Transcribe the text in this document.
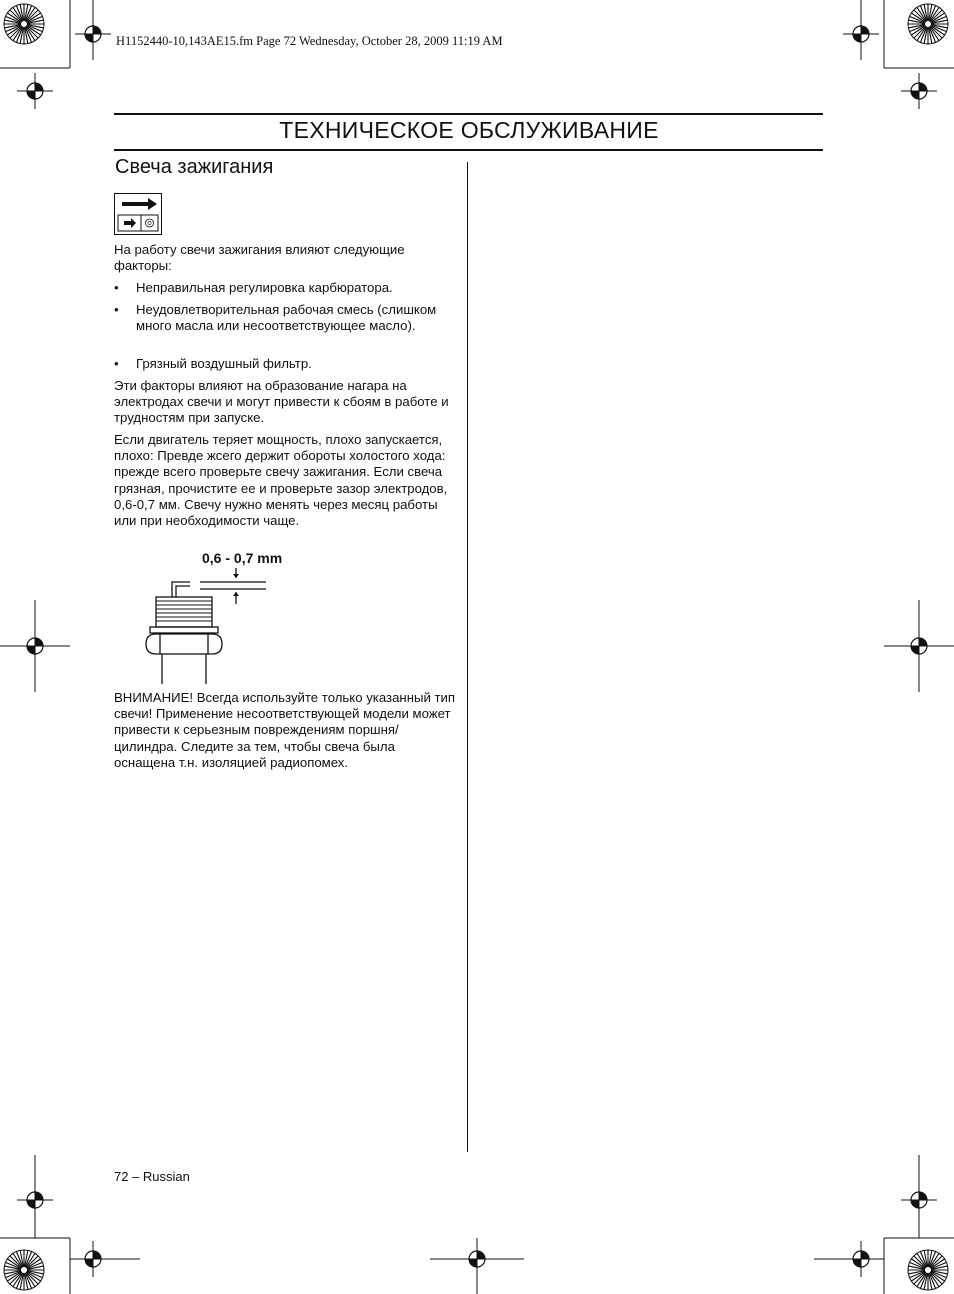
H1152440-10,143AE15.fm Page 72 Wednesday, October 28, 2009 11:19 AM
ТЕХНИЧЕСКОЕ ОБСЛУЖИВАНИЕ
Свеча зажигания
На работу свечи зажигания влияют следующие факторы:
•	Неправильная регулировка карбюратора.
•	Неудовлетворительная рабочая смесь (слишком много масла или несоответствующее масло).
•	Грязный воздушный фильтр.
Эти факторы влияют на образование нагара на электродах свечи и могут привести к сбоям в работе и трудностям при запуске.
Если двигатель теряет мощность, плохо запускается, плохо: Превде жсего держит обороты холостого хода: прежде всего проверьте свечу зажигания. Если свеча грязная, прочистите ее и проверьте зазор электродов, 0,6-0,7 мм. Свечу нужно менять через месяц работы или при необходимости чаще.
0,6 - 0,7 mm
ВНИМАНИЕ! Всегда используйте только указанный тип свечи! Применение несоответствующей модели может привести к серьезным повреждениям поршня/цилиндра. Следите за тем, чтобы свеча была оснащена т.н. изоляцией радиопомех.
72 – Russian
